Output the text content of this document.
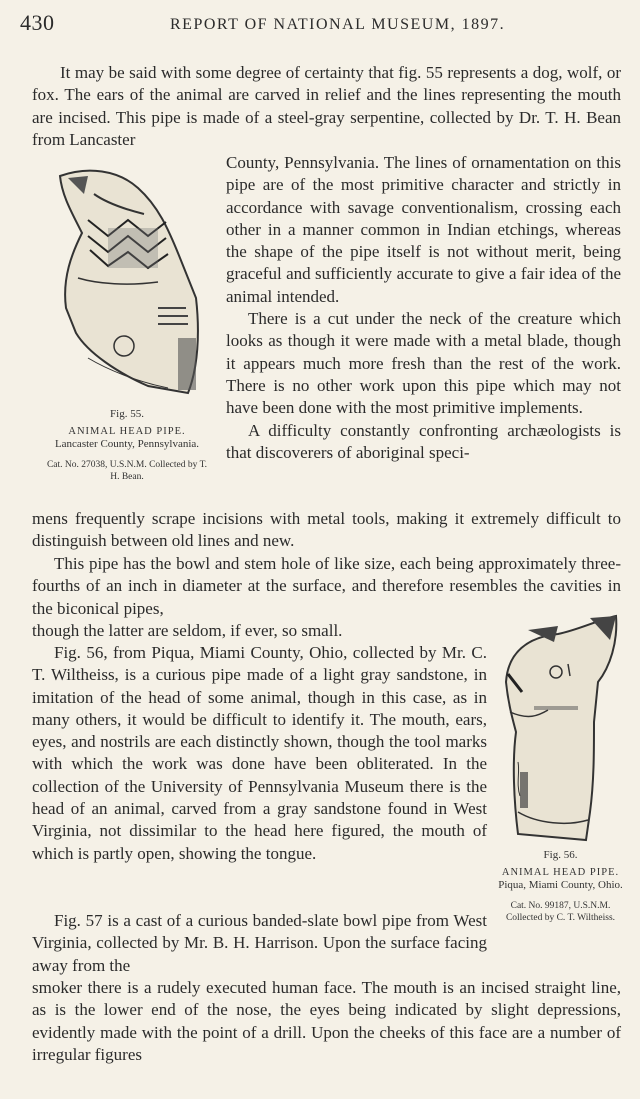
430	REPORT OF NATIONAL MUSEUM, 1897.

It may be said with some degree of certainty that fig. 55 represents a dog, wolf, or fox. The ears of the animal are carved in relief and the lines representing the mouth are incised. This pipe is made of a steel-gray serpentine, collected by Dr. T. H. Bean from Lancaster

Fig. 55.
ANIMAL HEAD PIPE.
Lancaster County, Pennsylvania.
Cat. No. 27038, U.S.N.M. Collected by T. H. Bean.

County, Pennsylvania. The lines of ornamentation on this pipe are of the most primitive character and strictly in accordance with savage conventionalism, crossing each other in a manner common in Indian etchings, whereas the shape of the pipe itself is not without merit, being graceful and sufficiently accurate to give a fair idea of the animal intended.

There is a cut under the neck of the creature which looks as though it were made with a metal blade, though it appears much more fresh than the rest of the work. There is no other work upon this pipe which may not have been done with the most primitive implements.

A difficulty constantly confronting archæologists is that discoverers of aboriginal speci-

mens frequently scrape incisions with metal tools, making it extremely difficult to distinguish between old lines and new.

This pipe has the bowl and stem hole of like size, each being approximately three-fourths of an inch in diameter at the surface, and therefore resembles the cavities in the biconical pipes,

though the latter are seldom, if ever, so small.

Fig. 56, from Piqua, Miami County, Ohio, collected by Mr. C. T. Wiltheiss, is a curious pipe made of a light gray sandstone, in imitation of the head of some animal, though in this case, as in many others, it would be difficult to identify it. The mouth, ears, eyes, and nostrils are each distinctly shown, though the tool marks with which the work was done have been obliterated. In the collection of the University of Pennsylvania Museum there is the head of an animal, carved from a gray sandstone found in West Virginia, not dissimilar to the head here figured, the mouth of which is partly open, showing the tongue.

Fig. 57 is a cast of a curious banded-slate bowl pipe from West Virginia, collected by Mr. B. H. Harrison. Upon the surface facing away from the

smoker there is a rudely executed human face. The mouth is an incised straight line, as is the lower end of the nose, the eyes being indicated by slight depressions, evidently made with the point of a drill. Upon the cheeks of this face are a number of irregular figures

Fig. 56.
ANIMAL HEAD PIPE.
Piqua, Miami County, Ohio.
Cat. No. 99187, U.S.N.M. Collected by C. T. Wiltheiss.
